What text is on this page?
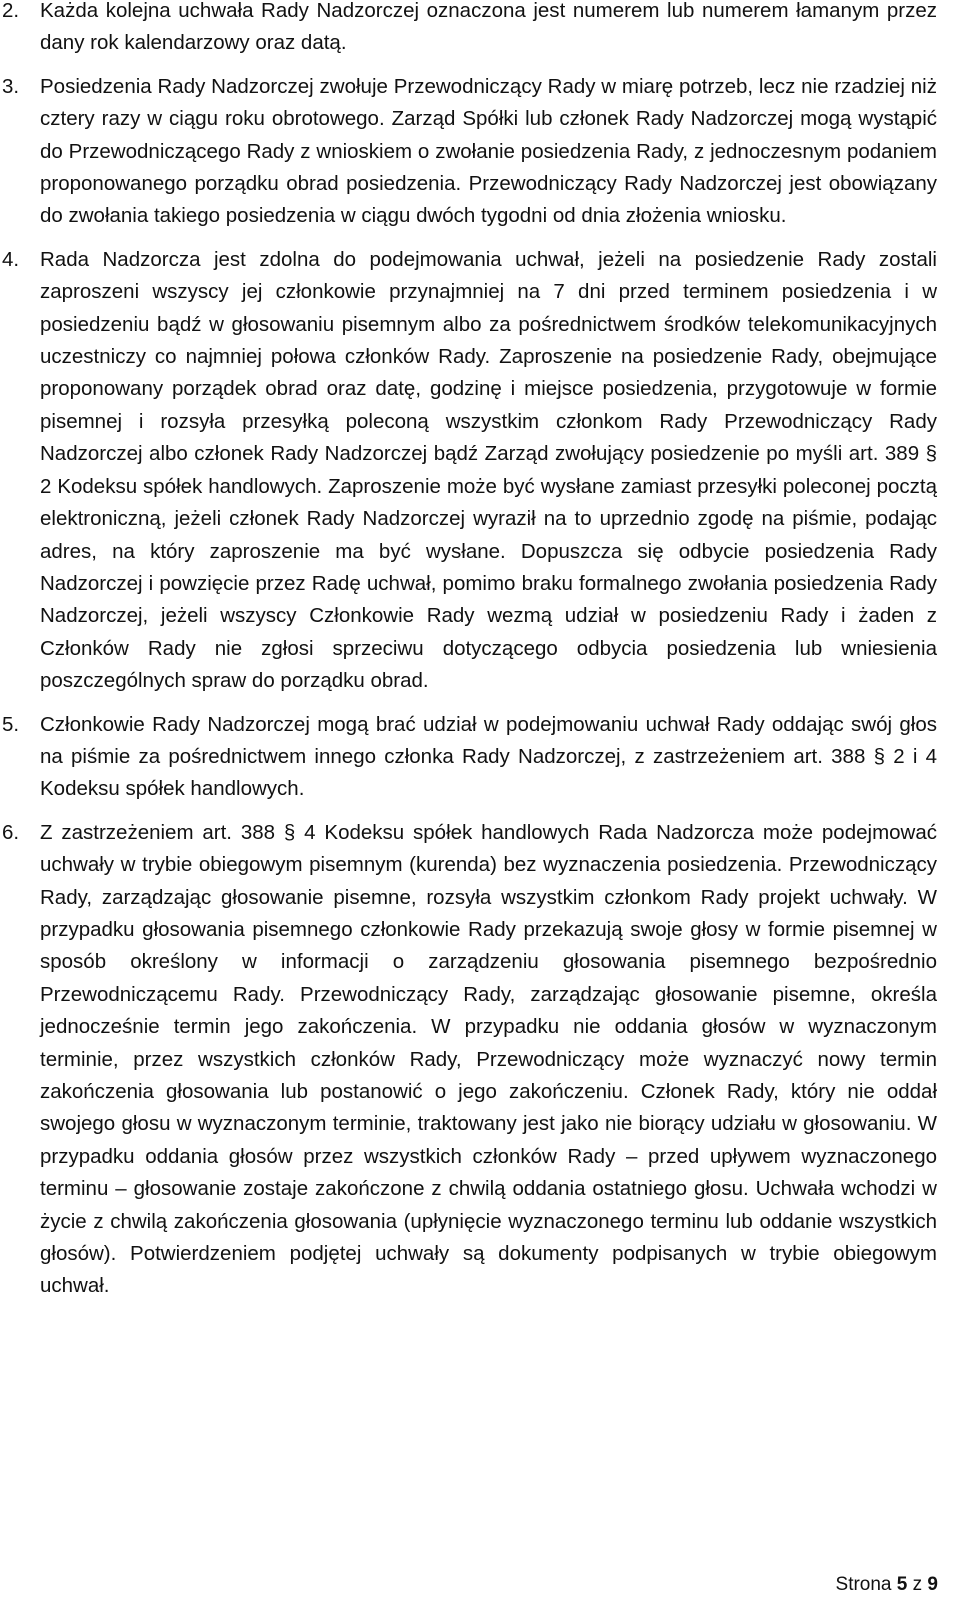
2.	Każda kolejna uchwała Rady Nadzorczej oznaczona jest numerem lub numerem łamanym przez dany rok kalendarzowy oraz datą.
3.	Posiedzenia Rady Nadzorczej zwołuje Przewodniczący Rady w miarę potrzeb, lecz nie rzadziej niż cztery razy w ciągu roku obrotowego. Zarząd Spółki lub członek Rady Nadzorczej mogą wystąpić do Przewodniczącego Rady z wnioskiem o zwołanie posiedzenia Rady, z jednoczesnym podaniem proponowanego porządku obrad posiedzenia. Przewodniczący Rady Nadzorczej jest obowiązany do zwołania takiego posiedzenia w ciągu dwóch tygodni od dnia złożenia wniosku.
4.	Rada Nadzorcza jest zdolna do podejmowania uchwał, jeżeli na posiedzenie Rady zostali zaproszeni wszyscy jej członkowie przynajmniej na 7 dni przed terminem posiedzenia i w posiedzeniu bądź w głosowaniu pisemnym albo za pośrednictwem środków telekomunikacyjnych uczestniczy co najmniej połowa członków Rady. Zaproszenie na posiedzenie Rady, obejmujące proponowany porządek obrad oraz datę, godzinę i miejsce posiedzenia, przygotowuje w formie pisemnej i rozsyła przesyłką poleconą wszystkim członkom Rady Przewodniczący Rady Nadzorczej albo członek Rady Nadzorczej bądź Zarząd zwołujący posiedzenie po myśli art. 389 § 2 Kodeksu spółek handlowych. Zaproszenie może być wysłane zamiast przesyłki poleconej pocztą elektroniczną, jeżeli członek Rady Nadzorczej wyraził na to uprzednio zgodę na piśmie, podając adres, na który zaproszenie ma być wysłane. Dopuszcza się odbycie posiedzenia Rady Nadzorczej i powzięcie przez Radę uchwał, pomimo braku formalnego zwołania posiedzenia Rady Nadzorczej, jeżeli wszyscy Członkowie Rady wezmą udział w posiedzeniu Rady i żaden z Członków Rady nie zgłosi sprzeciwu dotyczącego odbycia posiedzenia lub wniesienia poszczególnych spraw do porządku obrad.
5.	Członkowie Rady Nadzorczej mogą brać udział w podejmowaniu uchwał Rady oddając swój głos na piśmie za pośrednictwem innego członka Rady Nadzorczej, z zastrzeżeniem art. 388 § 2 i 4 Kodeksu spółek handlowych.
6.	Z zastrzeżeniem art. 388 § 4 Kodeksu spółek handlowych Rada Nadzorcza może podejmować uchwały w trybie obiegowym pisemnym (kurenda) bez wyznaczenia posiedzenia. Przewodniczący Rady, zarządzając głosowanie pisemne, rozsyła wszystkim członkom Rady projekt uchwały. W przypadku głosowania pisemnego członkowie Rady przekazują swoje głosy w formie pisemnej w sposób określony w informacji o zarządzeniu głosowania pisemnego bezpośrednio Przewodniczącemu Rady. Przewodniczący Rady, zarządzając głosowanie pisemne, określa jednocześnie termin jego zakończenia. W przypadku nie oddania głosów w wyznaczonym terminie, przez wszystkich członków Rady, Przewodniczący może wyznaczyć nowy termin zakończenia głosowania lub postanowić o jego zakończeniu. Członek Rady, który nie oddał swojego głosu w wyznaczonym terminie, traktowany jest jako nie biorący udziału w głosowaniu. W przypadku oddania głosów przez wszystkich członków Rady – przed upływem wyznaczonego terminu – głosowanie zostaje zakończone z chwilą oddania ostatniego głosu. Uchwała wchodzi w życie z chwilą zakończenia głosowania (upłynięcie wyznaczonego terminu lub oddanie wszystkich głosów). Potwierdzeniem podjętej uchwały są dokumenty podpisanych w trybie obiegowym uchwał.
Strona 5 z 9
